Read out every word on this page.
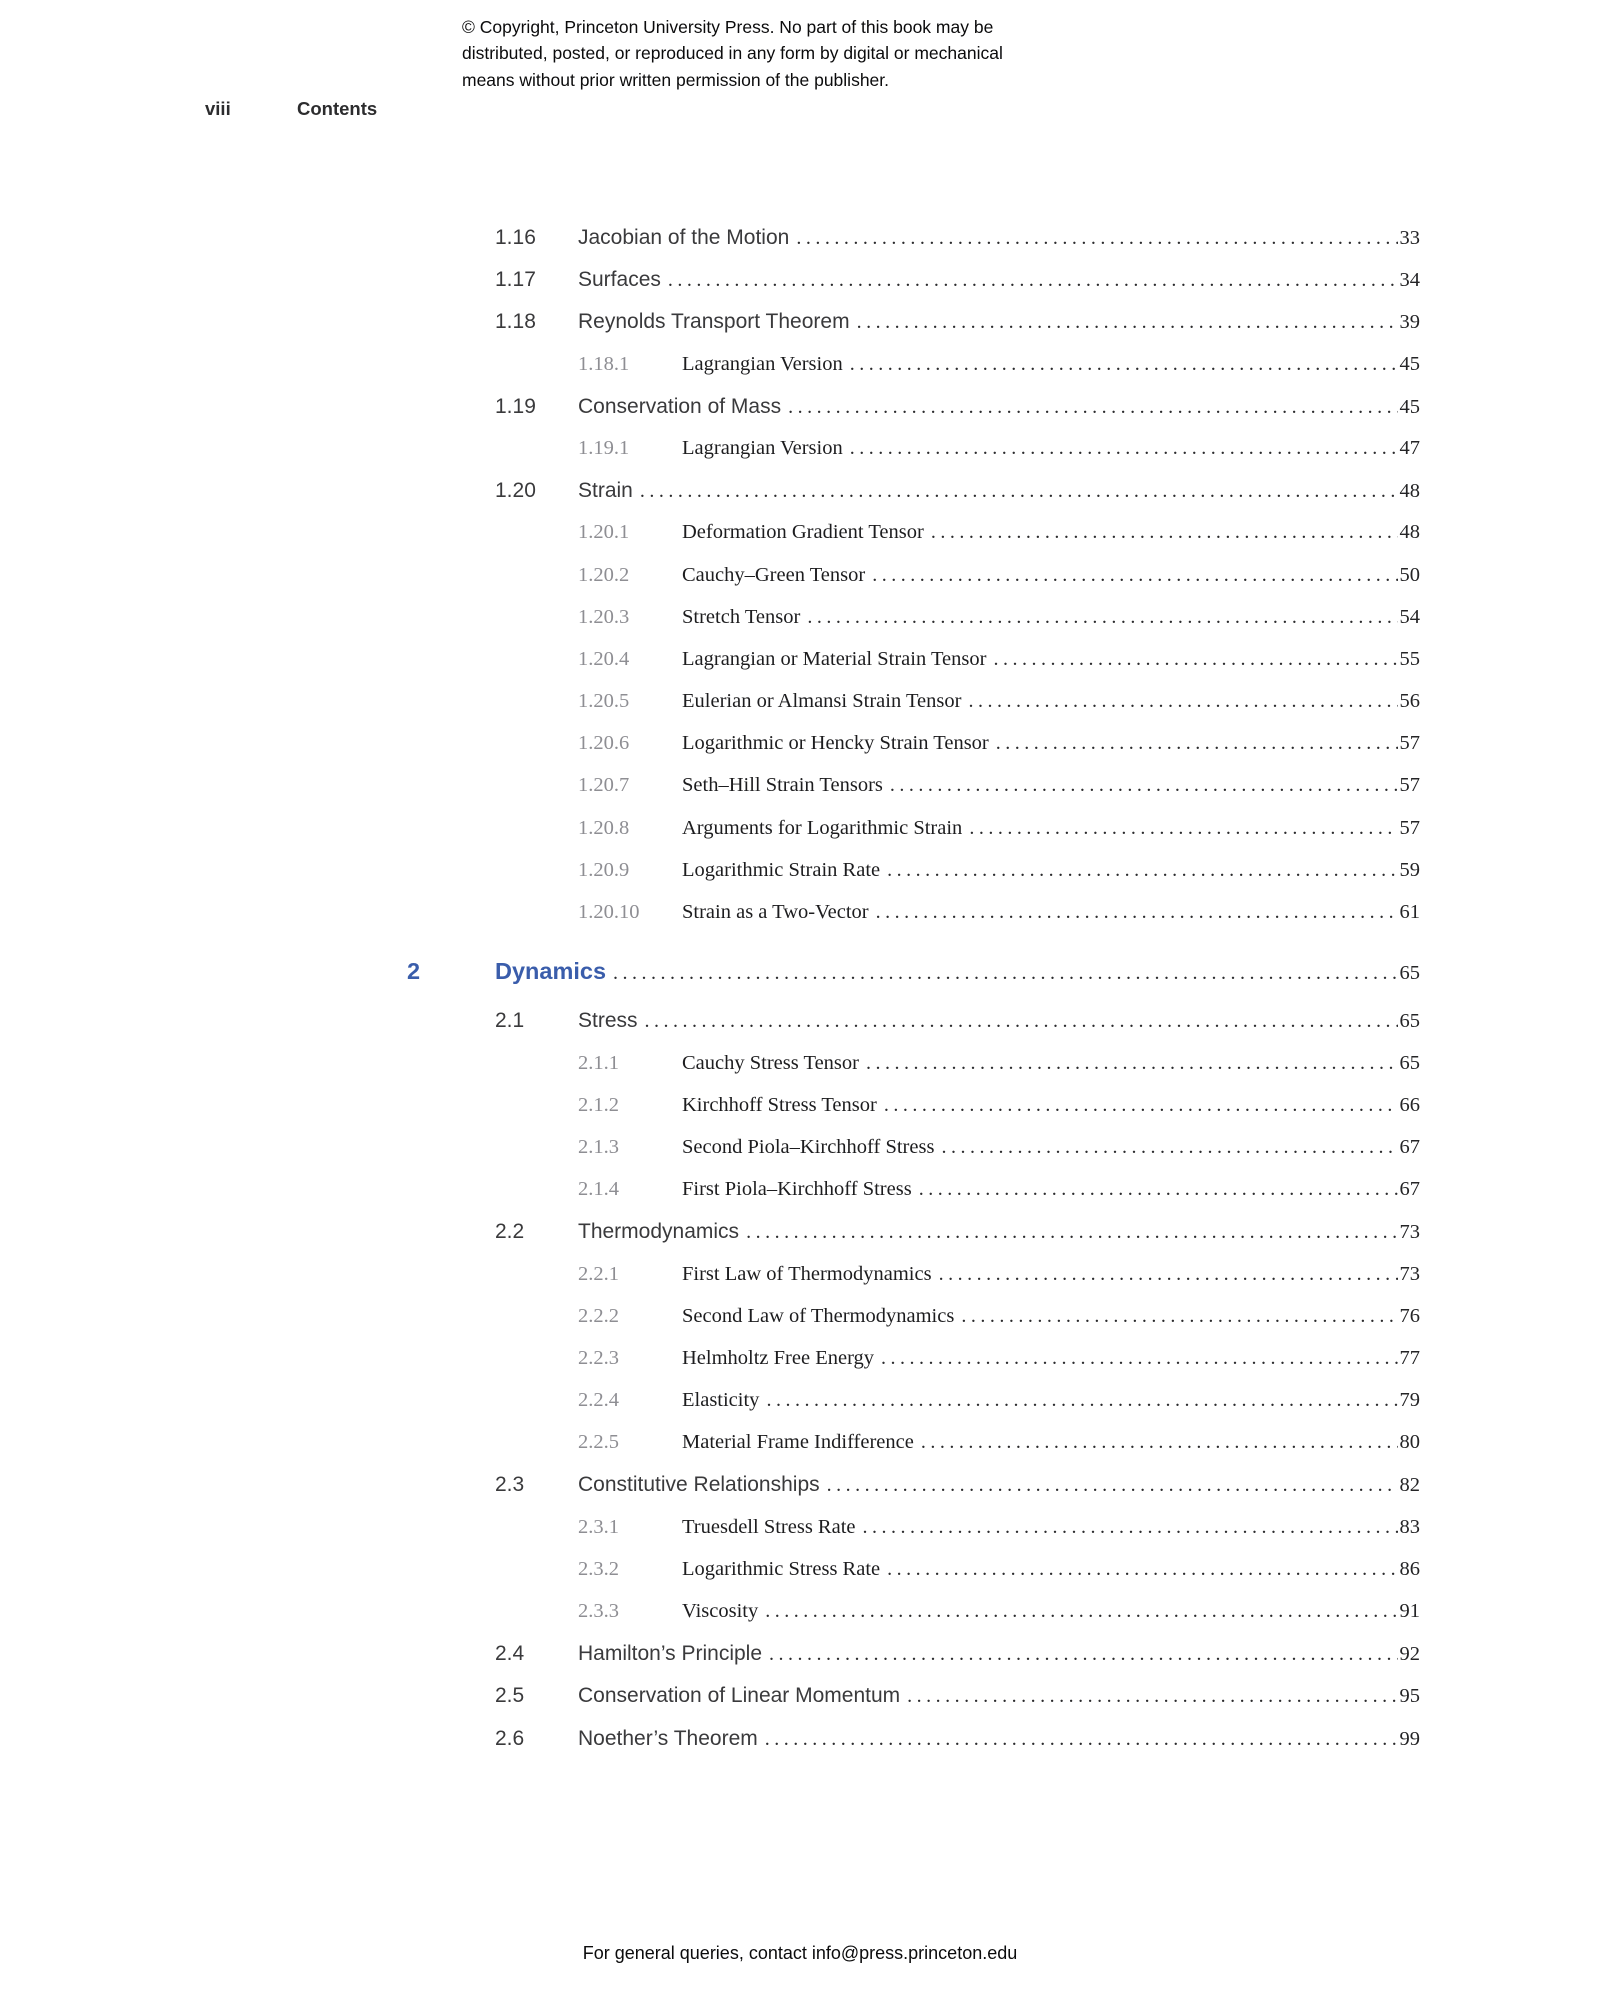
© Copyright, Princeton University Press. No part of this book may be
distributed, posted, or reproduced in any form by digital or mechanical
means without prior written permission of the publisher.
viii	Contents
1.16	Jacobian of the Motion .....	33
1.17	Surfaces .....	34
1.18	Reynolds Transport Theorem .....	39
1.18.1	Lagrangian Version .....	45
1.19	Conservation of Mass .....	45
1.19.1	Lagrangian Version .....	47
1.20	Strain .....	48
1.20.1	Deformation Gradient Tensor .....	48
1.20.2	Cauchy–Green Tensor .....	50
1.20.3	Stretch Tensor .....	54
1.20.4	Lagrangian or Material Strain Tensor .....	55
1.20.5	Eulerian or Almansi Strain Tensor .....	56
1.20.6	Logarithmic or Hencky Strain Tensor .....	57
1.20.7	Seth–Hill Strain Tensors .....	57
1.20.8	Arguments for Logarithmic Strain .....	57
1.20.9	Logarithmic Strain Rate .....	59
1.20.10	Strain as a Two-Vector .....	61
2	Dynamics .....	65
2.1	Stress .....	65
2.1.1	Cauchy Stress Tensor .....	65
2.1.2	Kirchhoff Stress Tensor .....	66
2.1.3	Second Piola–Kirchhoff Stress .....	67
2.1.4	First Piola–Kirchhoff Stress .....	67
2.2	Thermodynamics .....	73
2.2.1	First Law of Thermodynamics .....	73
2.2.2	Second Law of Thermodynamics .....	76
2.2.3	Helmholtz Free Energy .....	77
2.2.4	Elasticity .....	79
2.2.5	Material Frame Indifference .....	80
2.3	Constitutive Relationships .....	82
2.3.1	Truesdell Stress Rate .....	83
2.3.2	Logarithmic Stress Rate .....	86
2.3.3	Viscosity .....	91
2.4	Hamilton’s Principle .....	92
2.5	Conservation of Linear Momentum .....	95
2.6	Noether’s Theorem .....	99
For general queries, contact info@press.princeton.edu
